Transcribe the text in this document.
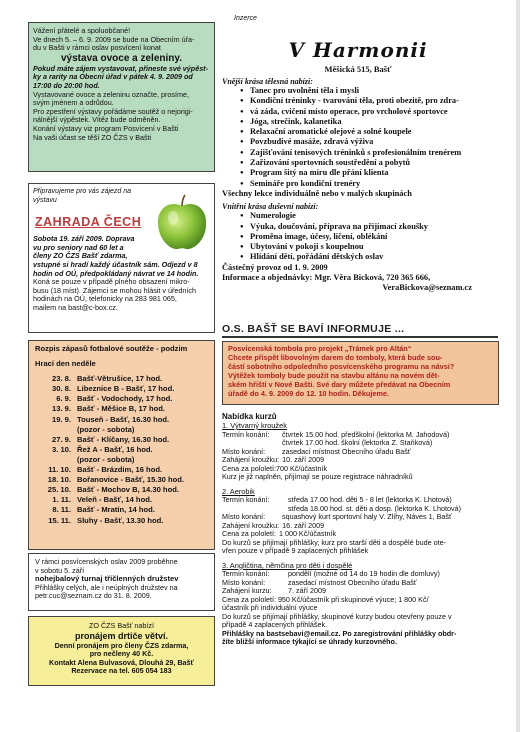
Vážení přátelé a spoluobčané!
Ve dnech 5. – 6. 9. 2009 se bude na Obecním úřa-
du v Bašti v rámci oslav posvícení konat
výstava ovoce a zeleniny.
Pokud máte zájem vystavovat, přineste své výpěst-
ky a rarity na Obecní úřad v pátek 4. 9. 2009 od
17:00 do 20:00 hod.
Vystavované ovoce a zeleninu označte, prosíme,
svým jménem a odrůdou.
Pro zpestření výstavy pořádáme soutěž o nejorigi-
nálnější výpěstek. Vítěz bude odměněn.
Konání výstavy viz program Posvícení v Bašti
Na vaši účast se těší ZO ČZS v Bašti
Připravujeme pro vás zájezd na
výstavu
ZAHRADA ČECH
Sobota 19. září 2009. Doprava
vu pro seniory nad 60 let a
členy ZO ČZS Bašť zdarma,
vstupné si hradí každý účastník sám. Odjezd v 8
hodin od OÚ, předpokládaný návrat ve 14 hodin.
Koná se pouze v případě plného obsazení mikro-
busu (18 míst). Zájemci se mohou hlásit v úředních
hodinách na OÚ, telefonicky na 283 981 065,
mailem na bast@c-box.cz.
Rozpis zápasů fotbalové soutěže - podzim
Hrací den neděle
23. 8. Bašť-Větrušice, 17 hod.
30. 8. Libeznice B - Bašť, 17 hod.
6. 9. Bašť - Vodochody, 17 hod.
13. 9. Bašť - Měšice B, 17 hod.
19. 9. Touseň - Bašť, 16.30 hod.
(pozor - sobota)
27. 9. Bašť - Klíčany, 16.30 hod.
3. 10. Řež A - Bašť, 16 hod.
(pozor - sobota)
11. 10. Bašť - Brázdim, 16 hod.
18. 10. Bořanovice - Bašť, 15.30 hod.
25. 10. Bašť - Mochov B, 14.30 hod.
1. 11. Veleň - Bašť, 14 hod.
8. 11. Bašť - Mratín, 14 hod.
15. 11. Sluhy - Bašť, 13.30 hod.
V rámci posvícenských oslav 2009 proběhne
v sobotu 5. září
nohejbalový turnaj tříčlenných družstev
Přihlášky celých, ale i neúplných družstev na
petr.cuc@seznam.cz do 31. 8. 2009.
ZO ČZS Bašť nabízí
pronájem drtiče větví.
Denní pronájem pro členy ČZS zdarma,
pro nečleny 40 Kč.
Kontakt Alena Bulvasová, Dlouhá 29, Bašť
Rezervace na tel. 605 054 183
Inzerce
V Harmonii
Měšická 515, Bašť
Vnější krása tělesná nabízí:
● Tanec pro uvolnění těla i mysli
● Kondiční tréninky - tvarování těla, proti obezitě, pro zdra-
● vá záda, cvičení místo operace, pro vrcholové sportovce
● Jóga, strečink, kalanetika
● Relaxační aromatické olejové a solné koupele
● Povzbudivé masáže, zdravá výživa
● Zajišťování tenisových tréninků s profesionálním trenérem
● Zařizování sportovních soustředění a pobytů
● Program šitý na míru dle přání klienta
● Semináře pro kondiční trenéry
Všechny lekce individuálně nebo v malých skupinách
Vnitřní krása duševní nabízí:
● Numerologie
● Výuka, doučování, příprava na přijímací zkoušky
● Proměna image, účesy, líčení, oblékání
● Ubytování v pokoji s koupelnou
● Hlídání dětí, pořádání dětských oslav
Částečný provoz od 1. 9. 2009
Informace a objednávky: Mgr. Věra Bicková, 720 365 666,
VeraBickova@seznam.cz
O.S. BAŠŤ SE BAVÍ INFORMUJE ...
Posvícenská tombola pro projekt „Trámek pro Altán“
Chcete přispět libovolným darem do tomboly, která bude sou-
částí sobotního odpoledního posvícenského programu na návsi?
Výtěžek tomboly bude použit na stavbu altánu na novém dět-
ském hřišti v Nové Bašti. Své dary můžete předávat na Obecním
úřadě do 4. 9. 2009 do 12. 10 hodin. Děkujeme.
Nabídka kurzů
1. Výtvarný kroužek
Termín konání:	čtvrtek 15.00 hod. předškolní (lektorka M. Jahodová)
čtvrtek 17.00 hod. školní (lektorka Z. Staňková)
Místo konání:	zasedací místnost Obecního úřadu Bašť
Zahájení kroužku: 10. září 2009
Cena za pololetí: 700 Kč/účastník
Kurz je již naplněn, přijímají se pouze registrace náhradníků
2. Aerobik
Termín konání:	středa 17.00 hod. děti 5 - 8 let (lektorka K. Lhotová)
středa 18.00 hod. st. děti a dosp. (lektorka K. Lhotová)
Místo konání:	squashový kurt sportovní haly V. Zlíhy, Náves 1, Bašť
Zahájení kroužku: 16. září 2009
Cena za pololetí: 1 000 Kč/účastník
Do kurzů se přijímají přihlášky, kurz pro starší děti a dospělé bude ote-
vřen pouze v případě 9 zaplacených přihlášek
3. Angličtina, němčina pro děti i dospělé
Termín konání:	pondělí (možné od 14 do 19 hodin dle domluvy)
Místo konání:	zasedací místnost Obecního úřadu Bašť
Zahájení kurzu:	7. září 2009
Cena za pololetí: 950 Kč/účastník při skupinové výuce; 1 800 Kč/
účastník při individuální výuce
Do kurzů se přijímají přihlášky, skupinové kurzy budou otevřeny pouze v
případě 4 zaplacených přihlášek.
Přihlášky na bastsebavi@email.cz. Po zaregistrování přihlášky obdr-
žíte bližší informace týkající se úhrady kurzovného.
